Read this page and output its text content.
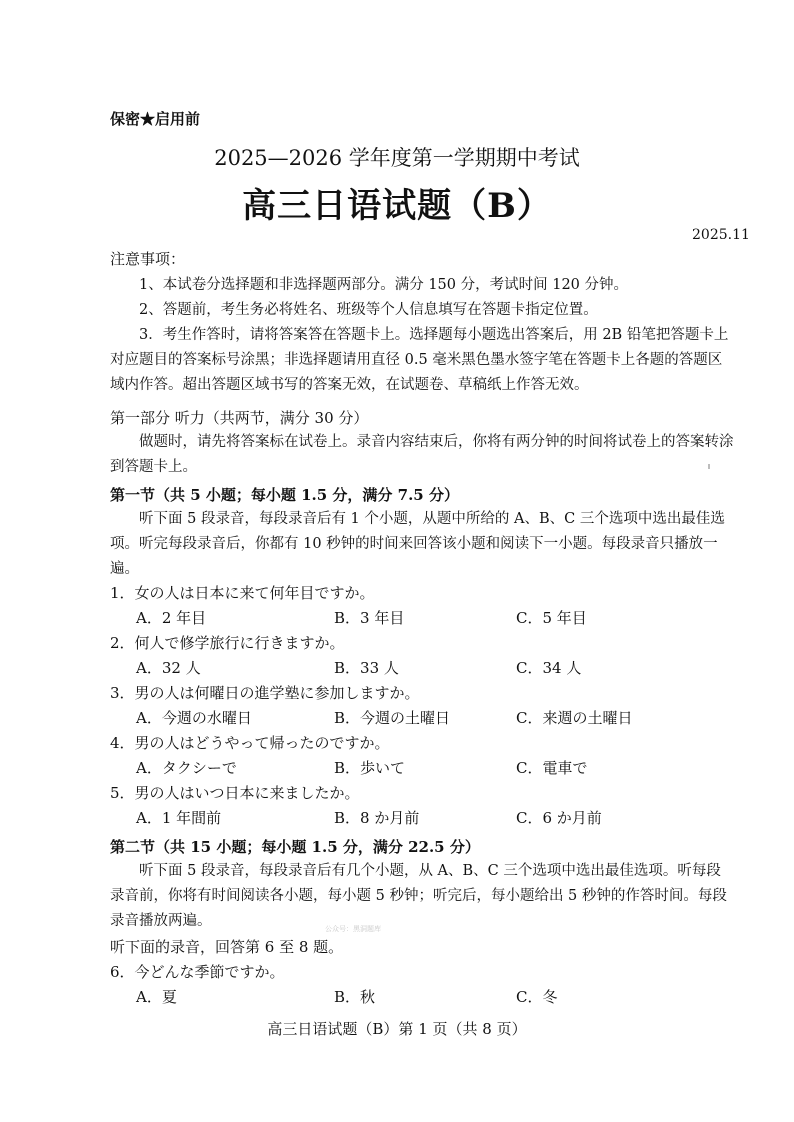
保密★启用前
2025—2026 学年度第一学期期中考试
高三日语试题（B）
2025.11
注意事项：
1、本试卷分选择题和非选择题两部分。满分 150 分，考试时间 120 分钟。
2、答题前，考生务必将姓名、班级等个人信息填写在答题卡指定位置。
3．考生作答时，请将答案答在答题卡上。选择题每小题选出答案后，用 2B 铅笔把答题卡上对应题目的答案标号涂黑；非选择题请用直径 0.5 毫米黑色墨水签字笔在答题卡上各题的答题区域内作答。超出答题区域书写的答案无效，在试题卷、草稿纸上作答无效。
第一部分 听力（共两节，满分 30 分）
做题时，请先将答案标在试卷上。录音内容结束后，你将有两分钟的时间将试卷上的答案转涂到答题卡上。
第一节（共 5 小题；每小题 1.5 分，满分 7.5 分）
听下面 5 段录音，每段录音后有 1 个小题，从题中所给的 A、B、C 三个选项中选出最佳选项。听完每段录音后，你都有 10 秒钟的时间来回答该小题和阅读下一小题。每段录音只播放一遍。
1．女の人は日本に来て何年目ですか。
A．2 年目	B．3 年目	C．5 年目
2．何人で修学旅行に行きますか。
A．32 人	B．33 人	C．34 人
3．男の人は何曜日の進学塾に参加しますか。
A．今週の水曜日	B．今週の土曜日	C．来週の土曜日
4．男の人はどうやって帰ったのですか。
A．タクシーで	B．歩いて	C．電車で
5．男の人はいつ日本に来ましたか。
A．1 年間前	B．8 か月前	C．6 か月前
第二节（共 15 小题；每小题 1.5 分，满分 22.5 分）
听下面 5 段录音，每段录音后有几个小题，从 A、B、C 三个选项中选出最佳选项。听每段录音前，你将有时间阅读各小题，每小题 5 秒钟；听完后，每小题给出 5 秒钟的作答时间。每段录音播放两遍。	公众号：黑洞题库
听下面的录音，回答第 6 至 8 题。
6．今どんな季節ですか。
A．夏	B．秋	C．冬
高三日语试题（B）第 1 页（共 8 页）
